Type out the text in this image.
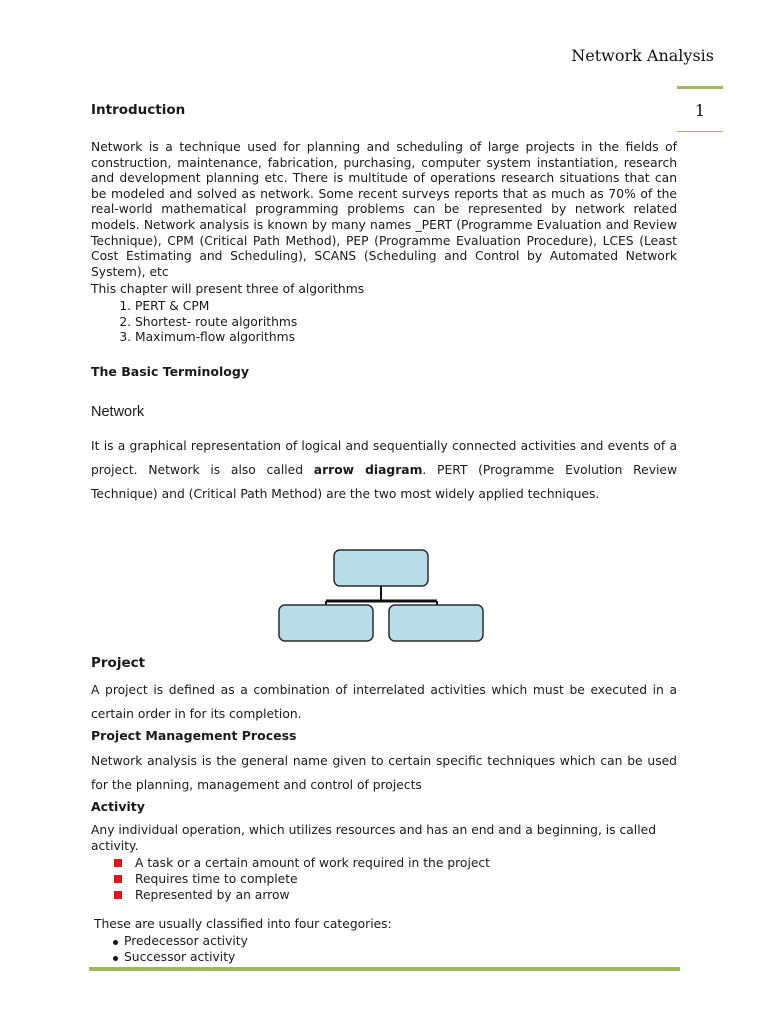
Network Analysis
1
Introduction
Network is a technique used for planning and scheduling of large projects in the fields of construction, maintenance, fabrication, purchasing, computer system instantiation, research and development planning etc. There is multitude of operations research situations that can be modeled and solved as network. Some recent surveys reports that as much as 70% of the real-world mathematical programming problems can be represented by network related models. Network analysis is known by many names _PERT (Programme Evaluation and Review Technique), CPM (Critical Path Method), PEP (Programme Evaluation Procedure), LCES (Least Cost Estimating and Scheduling), SCANS (Scheduling and Control by Automated Network System), etc
This chapter will present three of algorithms
1. PERT & CPM
2. Shortest- route algorithms
3. Maximum-flow algorithms
The Basic Terminology
Network
It is a graphical representation of logical and sequentially connected activities and events of a project. Network is also called arrow diagram. PERT (Programme Evolution Review Technique) and (Critical Path Method) are the two most widely applied techniques.
Project
A project is defined as a combination of interrelated activities which must be executed in a certain order in for its completion.
Project Management Process
Network analysis is the general name given to certain specific techniques which can be used for the planning, management and control of projects
Activity
Any individual operation, which utilizes resources and has an end and a beginning, is called activity.
A task or a certain amount of work required in the project
Requires time to complete
Represented by an arrow
These are usually classified into four categories:
Predecessor activity
Successor activity
